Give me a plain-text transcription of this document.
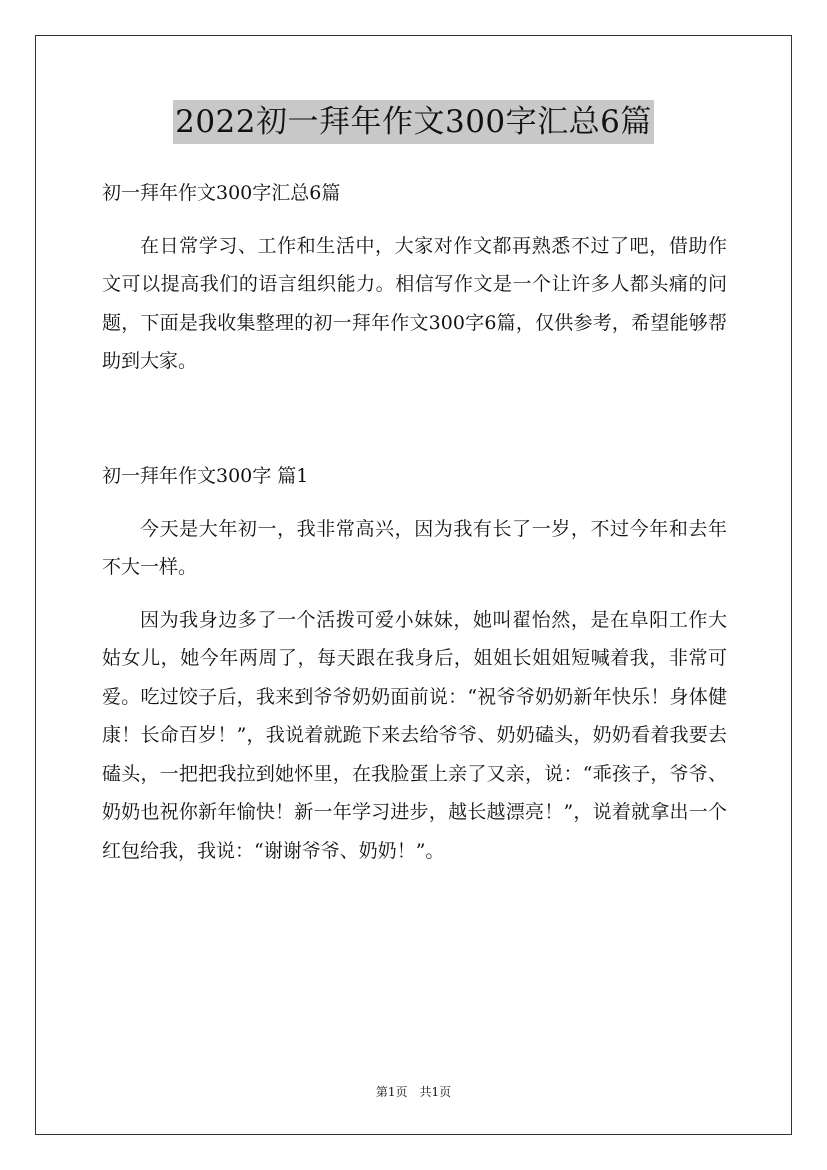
2022初一拜年作文300字汇总6篇

初一拜年作文300字汇总6篇

在日常学习、工作和生活中，大家对作文都再熟悉不过了吧，借助作文可以提高我们的语言组织能力。相信写作文是一个让许多人都头痛的问题，下面是我收集整理的初一拜年作文300字6篇，仅供参考，希望能够帮助到大家。

初一拜年作文300字 篇1

今天是大年初一，我非常高兴，因为我有长了一岁，不过今年和去年不大一样。

因为我身边多了一个活拨可爱小妹妹，她叫翟怡然，是在阜阳工作大姑女儿，她今年两周了，每天跟在我身后，姐姐长姐姐短喊着我，非常可爱。吃过饺子后，我来到爷爷奶奶面前说：“祝爷爷奶奶新年快乐！身体健康！长命百岁！”，我说着就跪下来去给爷爷、奶奶磕头，奶奶看着我要去磕头，一把把我拉到她怀里，在我脸蛋上亲了又亲，说：“乖孩子，爷爷、奶奶也祝你新年愉快！新一年学习进步，越长越漂亮！”，说着就拿出一个红包给我，我说：“谢谢爷爷、奶奶！”。

第1页　共1页
